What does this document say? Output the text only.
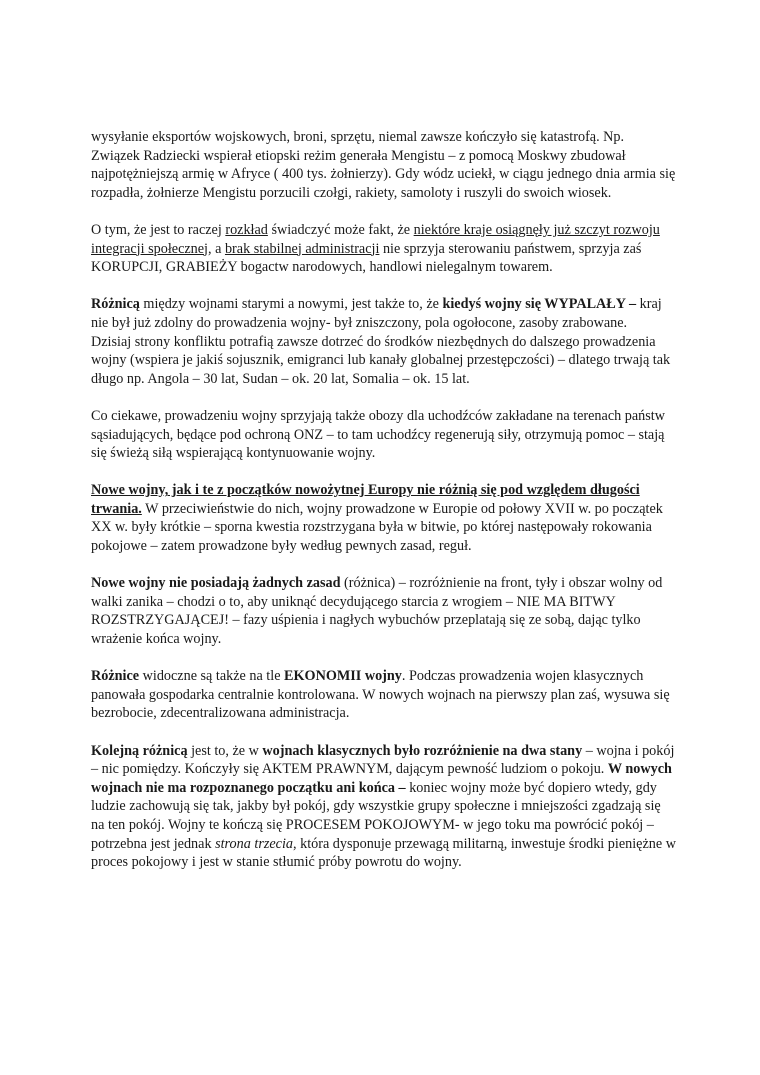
wysyłanie eksportów wojskowych, broni, sprzętu, niemal zawsze kończyło się katastrofą. Np. Związek Radziecki wspierał etiopski reżim generała Mengistu – z pomocą Moskwy zbudował najpotężniejszą armię w Afryce ( 400 tys. żołnierzy). Gdy wódz uciekł, w ciągu jednego dnia armia się rozpadła, żołnierze Mengistu porzucili czołgi, rakiety, samoloty i ruszyli do swoich wiosek.

O tym, że jest to raczej rozkład świadczyć może fakt, że niektóre kraje osiągnęły już szczyt rozwoju integracji społecznej, a brak stabilnej administracji nie sprzyja sterowaniu państwem, sprzyja zaś KORUPCJI, GRABIEŻY bogactw narodowych, handlowi nielegalnym towarem.

Różnicą między wojnami starymi a nowymi, jest także to, że kiedyś wojny się WYPALAŁY – kraj nie był już zdolny do prowadzenia wojny- był zniszczony, pola ogołocone, zasoby zrabowane.
Dzisiaj strony konfliktu potrafią zawsze dotrzeć do środków niezbędnych do dalszego prowadzenia wojny (wspiera je jakiś sojusznik, emigranci lub kanały globalnej przestępczości) – dlatego trwają tak długo np. Angola – 30 lat, Sudan – ok. 20 lat, Somalia – ok. 15 lat.

Co ciekawe, prowadzeniu wojny sprzyjają także obozy dla uchodźców zakładane na terenach państw sąsiadujących, będące pod ochroną ONZ – to tam uchodźcy regenerują siły, otrzymują pomoc – stają się świeżą siłą wspierającą kontynuowanie wojny.

Nowe wojny, jak i te z początków nowożytnej Europy nie różnią się pod względem długości trwania. W przeciwieństwie do nich, wojny prowadzone w Europie od połowy XVII w. po początek XX w. były krótkie – sporna kwestia rozstrzygana była w bitwie, po której następowały rokowania pokojowe – zatem prowadzone były według pewnych zasad, reguł.

Nowe wojny nie posiadają żadnych zasad (różnica) – rozróżnienie na front, tyły i obszar wolny od walki zanika – chodzi o to, aby uniknąć decydującego starcia z wrogiem – NIE MA BITWY ROZSTRZYGAJĄCEJ! – fazy uśpienia i nagłych wybuchów przeplatają się ze sobą, dając tylko wrażenie końca wojny.

Różnice widoczne są także na tle EKONOMII wojny. Podczas prowadzenia wojen klasycznych panowała gospodarka centralnie kontrolowana. W nowych wojnach na pierwszy plan zaś, wysuwa się bezrobocie, zdecentralizowana administracja.

Kolejną różnicą jest to, że w wojnach klasycznych było rozróżnienie na dwa stany – wojna i pokój – nic pomiędzy. Kończyły się AKTEM PRAWNYM, dającym pewność ludziom o pokoju. W nowych wojnach nie ma rozpoznanego początku ani końca – koniec wojny może być dopiero wtedy, gdy ludzie zachowują się tak, jakby był pokój, gdy wszystkie grupy społeczne i mniejszości zgadzają się na ten pokój. Wojny te kończą się PROCESEM POKOJOWYM- w jego toku ma powrócić pokój – potrzebna jest jednak strona trzecia, która dysponuje przewagą militarną, inwestuje środki pieniężne w proces pokojowy i jest w stanie stłumić próby powrotu do wojny.
